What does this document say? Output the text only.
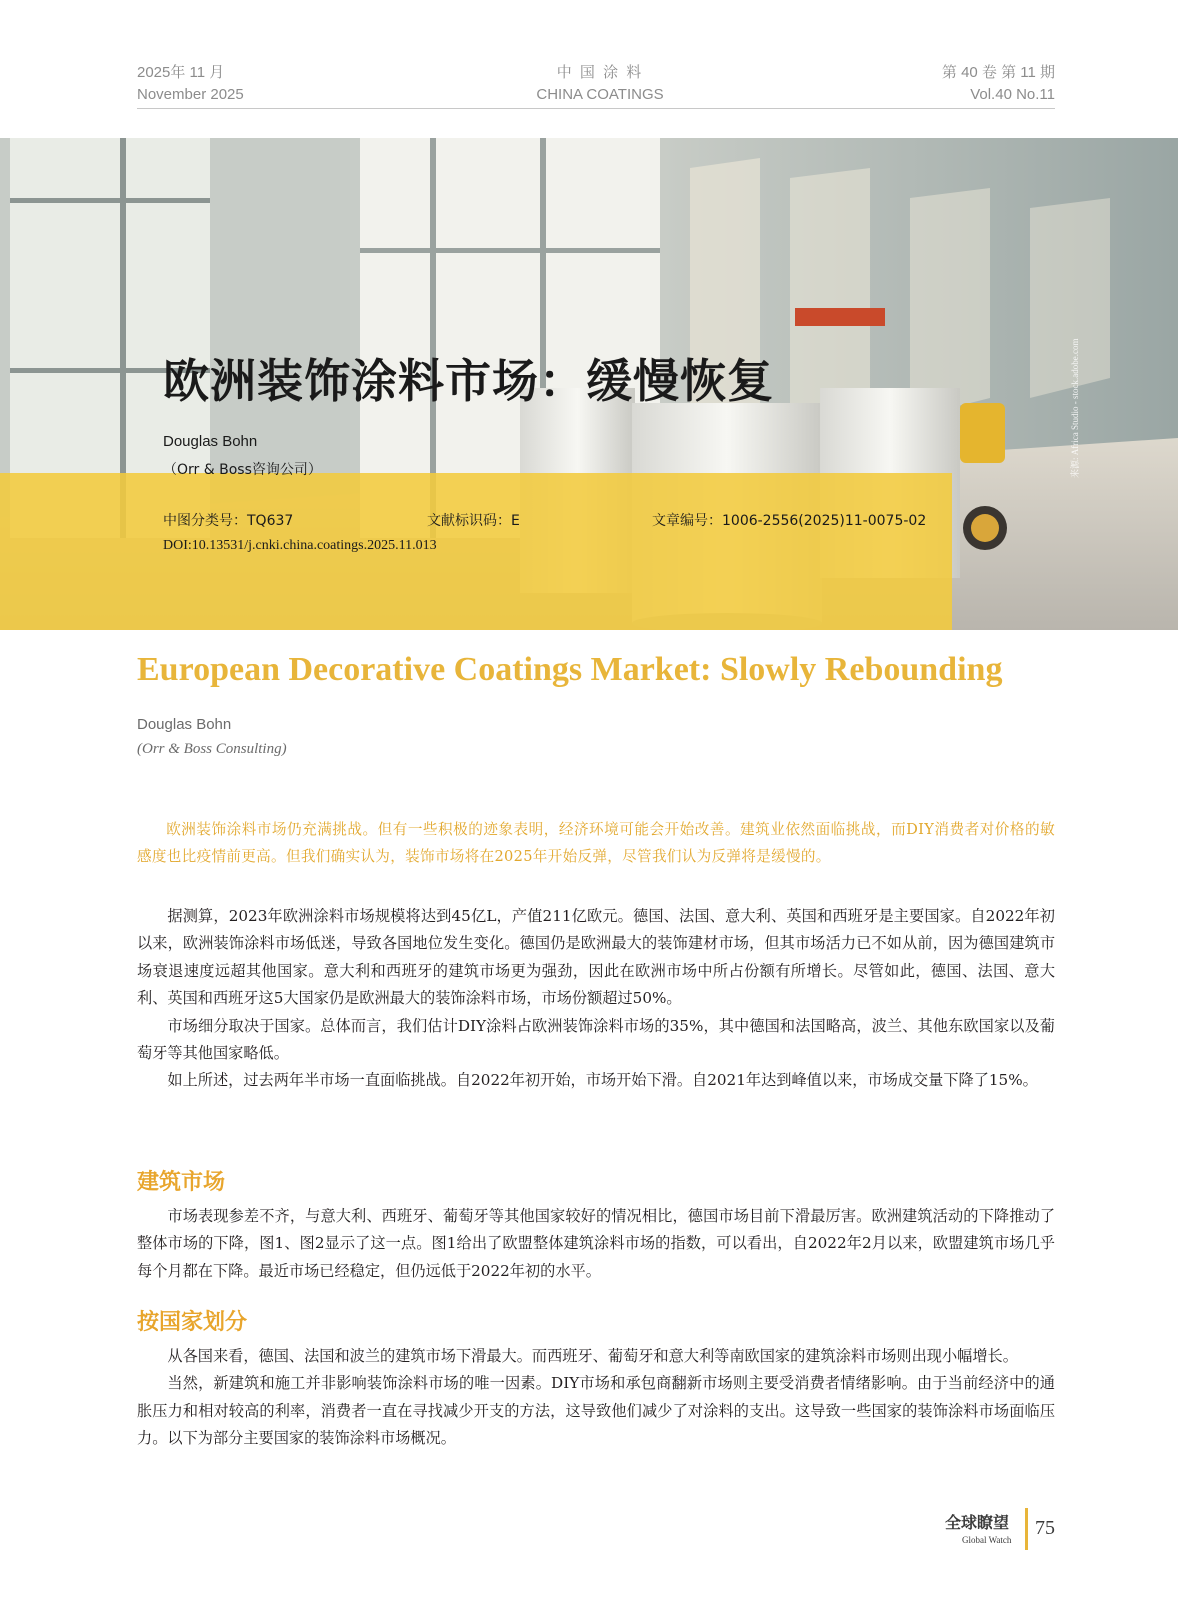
2025年 11 月
November 2025
中 国 涂 料
CHINA COATINGS
第 40 卷 第 11 期
Vol.40 No.11
来源: Africa Studio - stock.adobe.com
欧洲装饰涂料市场：缓慢恢复
Douglas Bohn
（Orr & Boss咨询公司）
中图分类号：TQ637	文献标识码：E	文章编号：1006-2556(2025)11-0075-02
DOI:10.13531/j.cnki.china.coatings.2025.11.013
European Decorative Coatings Market: Slowly Rebounding
Douglas Bohn
(Orr & Boss Consulting)

欧洲装饰涂料市场仍充满挑战。但有一些积极的迹象表明，经济环境可能会开始改善。建筑业依然面临挑战，而DIY消费者对价格的敏感度也比疫情前更高。但我们确实认为，装饰市场将在2025年开始反弹，尽管我们认为反弹将是缓慢的。

据测算，2023年欧洲涂料市场规模将达到45亿L，产值211亿欧元。德国、法国、意大利、英国和西班牙是主要国家。自2022年初以来，欧洲装饰涂料市场低迷，导致各国地位发生变化。德国仍是欧洲最大的装饰建材市场，但其市场活力已不如从前，因为德国建筑市场衰退速度远超其他国家。意大利和西班牙的建筑市场更为强劲，因此在欧洲市场中所占份额有所增长。尽管如此，德国、法国、意大利、英国和西班牙这5大国家仍是欧洲最大的装饰涂料市场，市场份额超过50%。

市场细分取决于国家。总体而言，我们估计DIY涂料占欧洲装饰涂料市场的35%，其中德国和法国略高，波兰、其他东欧国家以及葡萄牙等其他国家略低。

如上所述，过去两年半市场一直面临挑战。自2022年初开始，市场开始下滑。自2021年达到峰值以来，市场成交量下降了15%。

建筑市场

市场表现参差不齐，与意大利、西班牙、葡萄牙等其他国家较好的情况相比，德国市场目前下滑最厉害。欧洲建筑活动的下降推动了整体市场的下降，图1、图2显示了这一点。图1给出了欧盟整体建筑涂料市场的指数，可以看出，自2022年2月以来，欧盟建筑市场几乎每个月都在下降。最近市场已经稳定，但仍远低于2022年初的水平。

按国家划分

从各国来看，德国、法国和波兰的建筑市场下滑最大。而西班牙、葡萄牙和意大利等南欧国家的建筑涂料市场则出现小幅增长。

当然，新建筑和施工并非影响装饰涂料市场的唯一因素。DIY市场和承包商翻新市场则主要受消费者情绪影响。由于当前经济中的通胀压力和相对较高的利率，消费者一直在寻找减少开支的方法，这导致他们减少了对涂料的支出。这导致一些国家的装饰涂料市场面临压力。以下为部分主要国家的装饰涂料市场概况。

全球瞭望
Global Watch
75
